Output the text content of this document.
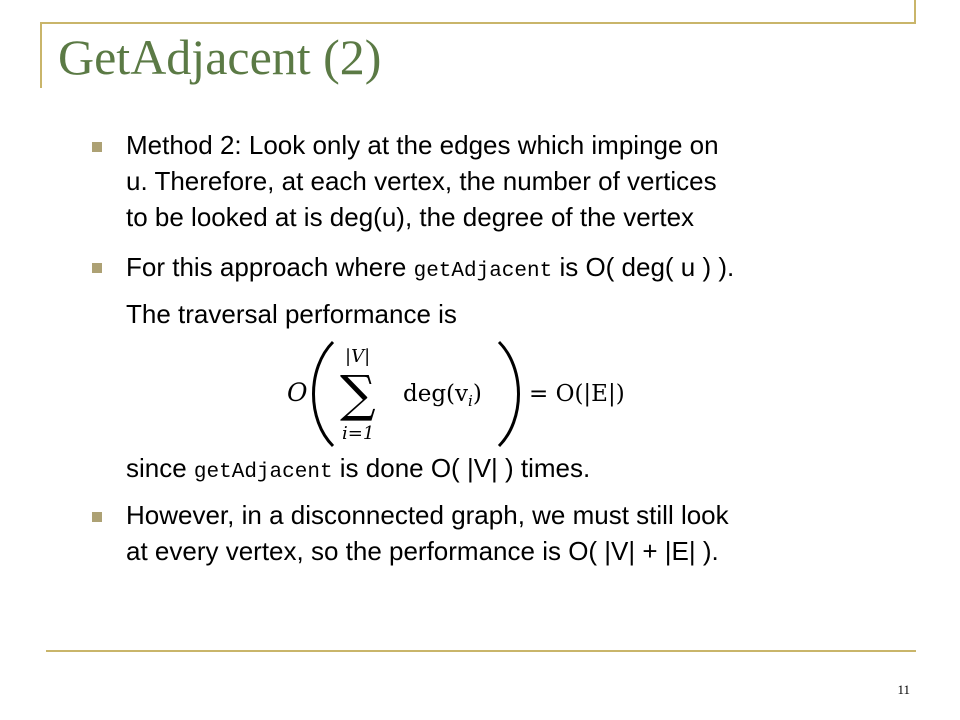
GetAdjacent (2)
Method 2: Look only at the edges which impinge on
u. Therefore, at each vertex, the number of vertices
to be looked at is deg(u), the degree of the vertex
For this approach where getAdjacent is O( deg( u ) ).
The traversal performance is
O
|V|
∑
i=1
$deg(v_i) = O(|E|)$
since getAdjacent is done O( |V| ) times.
However, in a disconnected graph, we must still look
at every vertex, so the performance is O( |V| + |E| ).
11
